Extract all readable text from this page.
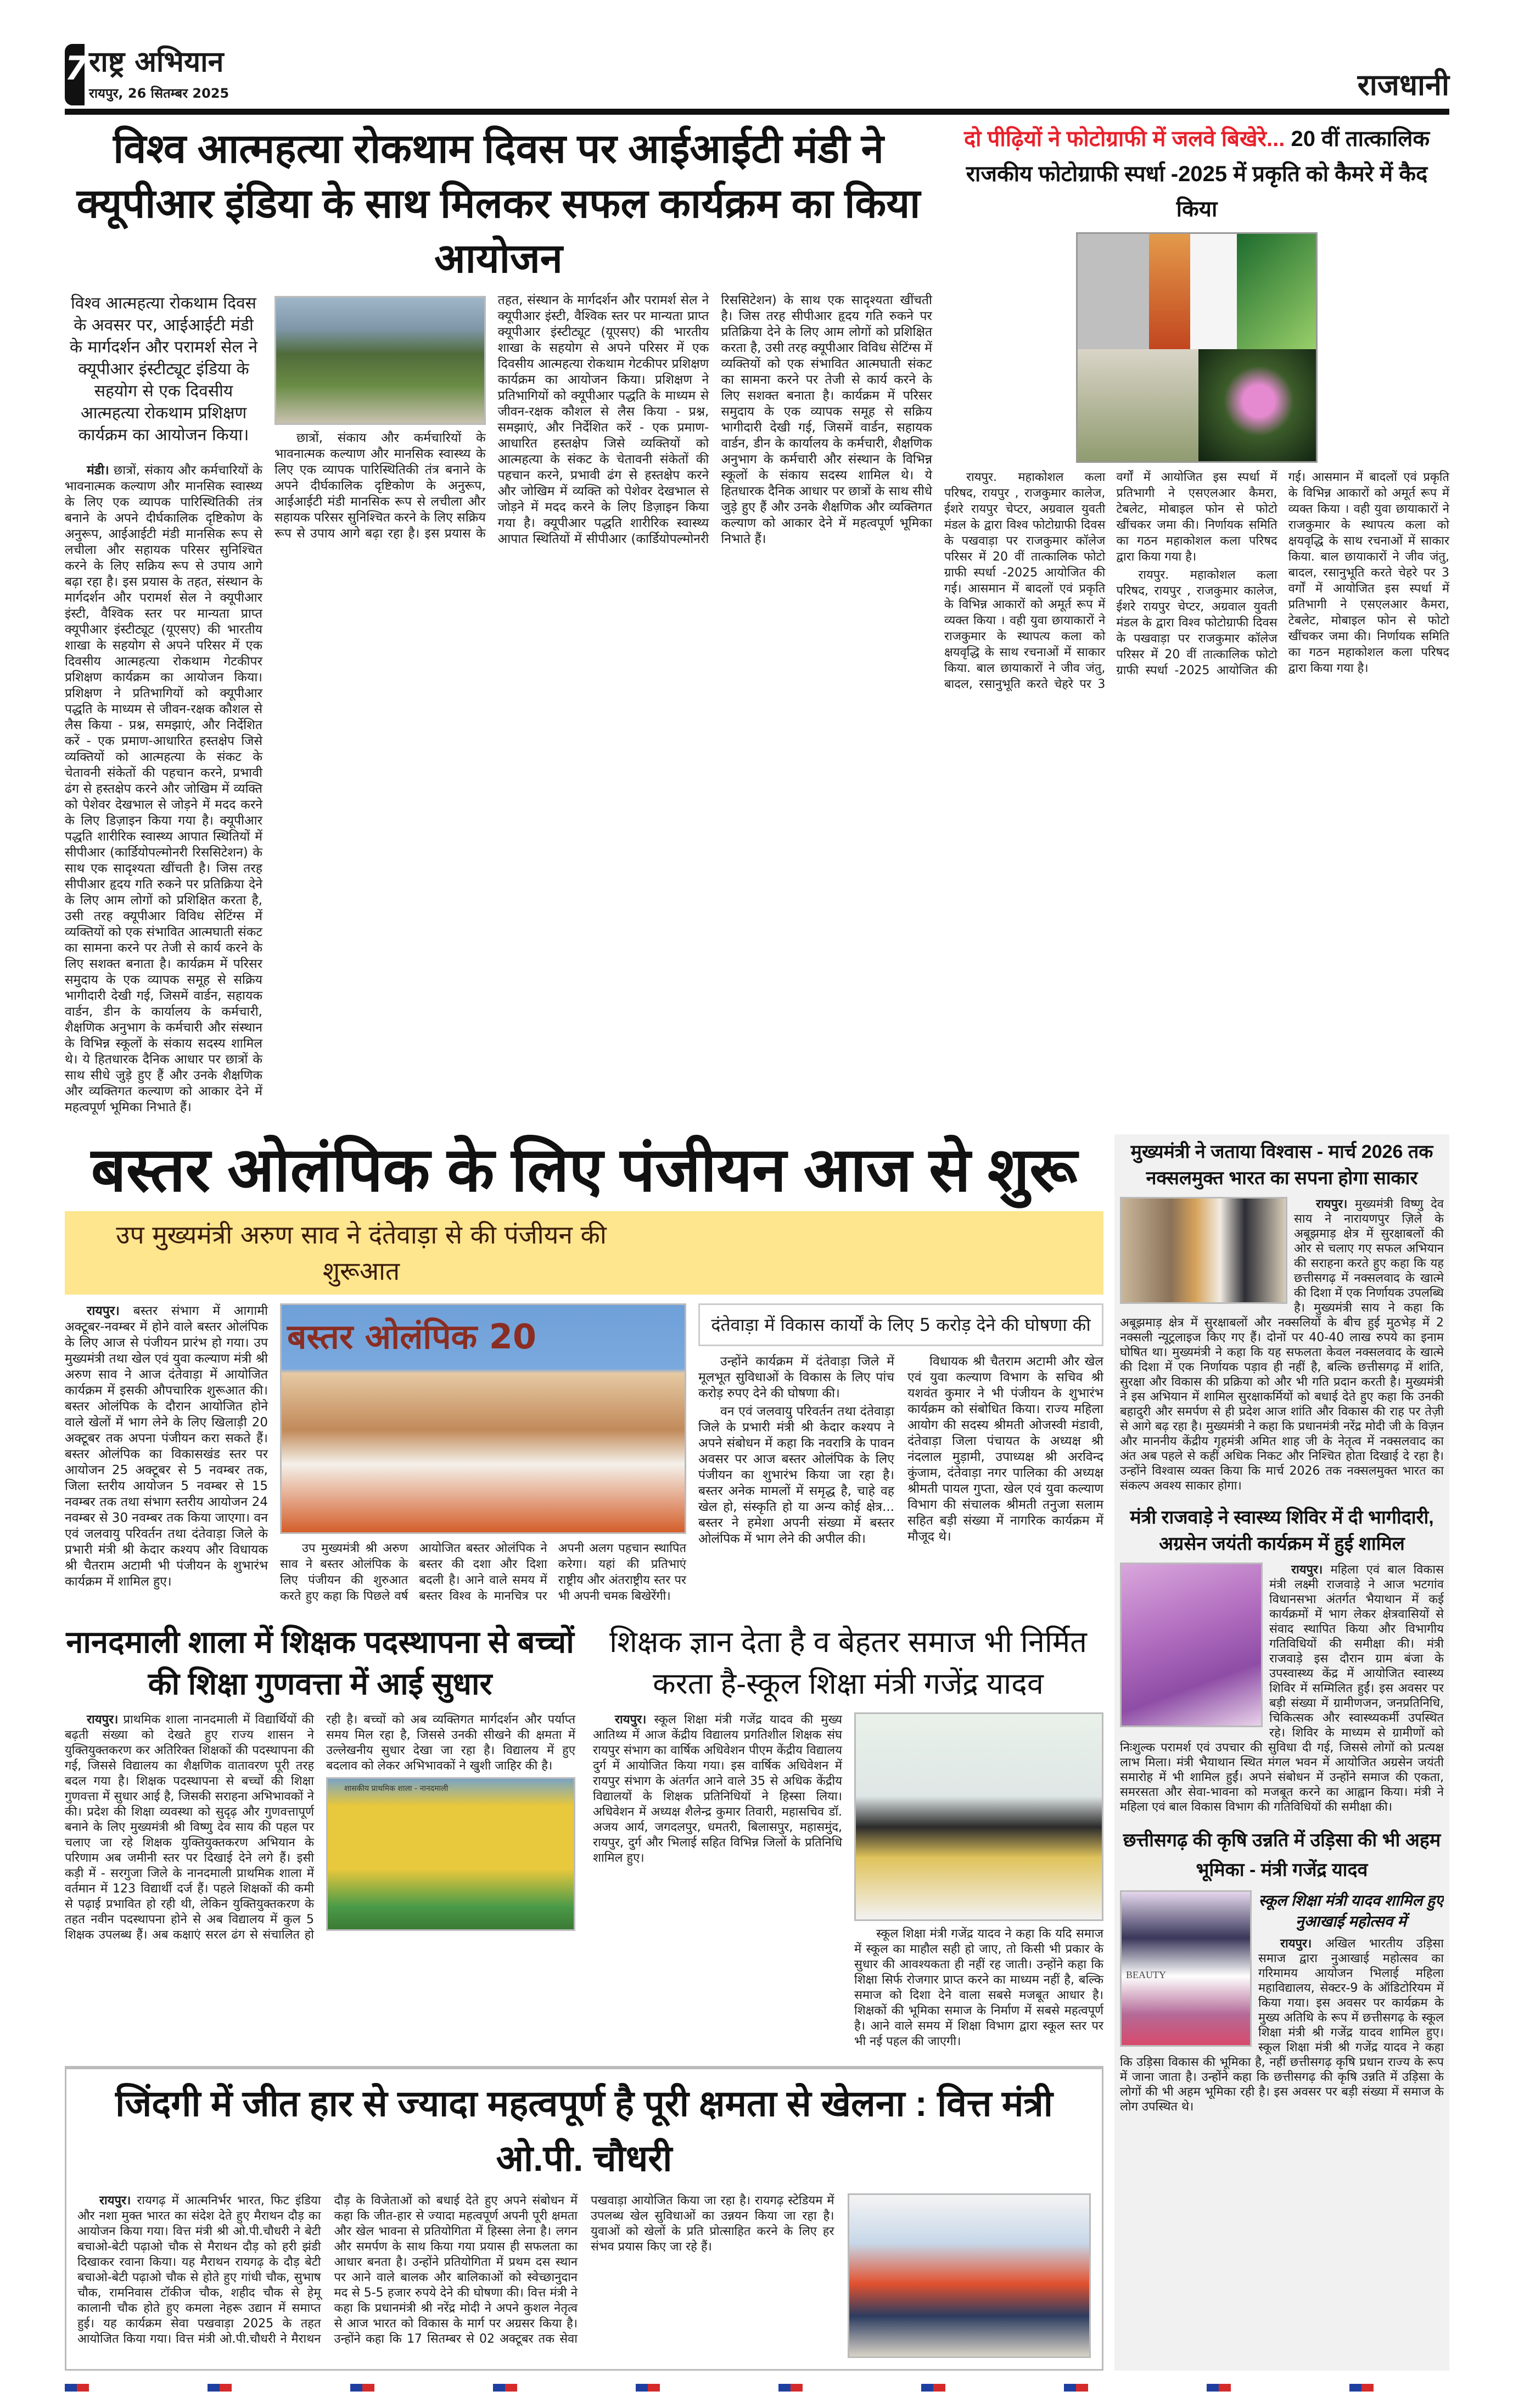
7 राष्ट्र अभियान
रायपुर, 26 सितम्बर 2025	राजधानी
विश्व आत्महत्या रोकथाम दिवस पर आईआईटी मंडी ने क्यूपीआर इंडिया के साथ मिलकर सफल कार्यक्रम का किया आयोजन
विश्व आत्महत्या रोकथाम दिवस के अवसर पर, आईआईटी मंडी के मार्गदर्शन और परामर्श सेल ने क्यूपीआर इंस्टीट्यूट इंडिया के सहयोग से एक दिवसीय आत्महत्या रोकथाम प्रशिक्षण कार्यक्रम का आयोजन किया।

मंडी। छात्रों, संकाय और कर्मचारियों के भावनात्मक कल्याण और मानसिक स्वास्थ्य के लिए एक व्यापक पारिस्थितिकी तंत्र बनाने के अपने दीर्घकालिक दृष्टिकोण के अनुरूप, आईआईटी मंडी मानसिक रूप से लचीला और सहायक परिसर सुनिश्चित करने के लिए सक्रिय रूप से उपाय आगे बढ़ा रहा है। इस प्रयास के तहत, संस्थान के मार्गदर्शन और परामर्श सेल ने क्यूपीआर इंस्टी, वैश्विक स्तर पर मान्यता प्राप्त क्यूपीआर इंस्टीट्यूट (यूएसए) की भारतीय शाखा के सहयोग से अपने परिसर में एक दिवसीय आत्महत्या रोकथाम गेटकीपर प्रशिक्षण कार्यक्रम का आयोजन किया। प्रशिक्षण ने प्रतिभागियों को क्यूपीआर पद्धति के माध्यम से जीवन-रक्षक कौशल से लैस किया - प्रश्न, समझाएं, और निर्देशित करें - एक प्रमाण-आधारित हस्तक्षेप जिसे व्यक्तियों को आत्महत्या के संकट के चेतावनी संकेतों की पहचान करने, प्रभावी ढंग से हस्तक्षेप करने और जोखिम में व्यक्ति को पेशेवर देखभाल से जोड़ने में मदद करने के लिए डिज़ाइन किया गया है। क्यूपीआर पद्धति शारीरिक स्वास्थ्य आपात स्थितियों में सीपीआर (कार्डियोपल्मोनरी रिससिटेशन) के साथ एक सादृश्यता खींचती है। जिस तरह सीपीआर हृदय गति रुकने पर प्रतिक्रिया देने के लिए आम लोगों को प्रशिक्षित करता है, उसी तरह क्यूपीआर विविध सेटिंग्स में व्यक्तियों को एक संभावित आत्मघाती संकट का सामना करने पर तेजी से कार्य करने के लिए सशक्त बनाता है। कार्यक्रम में परिसर समुदाय के एक व्यापक समूह से सक्रिय भागीदारी देखी गई, जिसमें वार्डन, सहायक वार्डन, डीन के कार्यालय के कर्मचारी, शैक्षणिक अनुभाग के कर्मचारी और संस्थान के विभिन्न स्कूलों के संकाय सदस्य शामिल थे। ये हितधारक दैनिक आधार पर छात्रों के साथ सीधे जुड़े हुए हैं और उनके शैक्षणिक और व्यक्तिगत कल्याण को आकार देने में महत्वपूर्ण भूमिका निभाते हैं।

छात्रों, संकाय और कर्मचारियों के भावनात्मक कल्याण और मानसिक स्वास्थ्य के लिए एक व्यापक पारिस्थितिकी तंत्र बनाने के अपने दीर्घकालिक दृष्टिकोण के अनुरूप, आईआईटी मंडी मानसिक रूप से लचीला और सहायक परिसर सुनिश्चित करने के लिए सक्रिय रूप से उपाय आगे बढ़ा रहा है। इस प्रयास के तहत, संस्थान के मार्गदर्शन और परामर्श सेल ने क्यूपीआर इंस्टी, वैश्विक स्तर पर मान्यता प्राप्त क्यूपीआर इंस्टीट्यूट (यूएसए) की भारतीय शाखा के सहयोग से अपने परिसर में एक दिवसीय आत्महत्या रोकथाम गेटकीपर प्रशिक्षण कार्यक्रम का आयोजन किया। प्रशिक्षण ने प्रतिभागियों को क्यूपीआर पद्धति के माध्यम से जीवन-रक्षक कौशल से लैस किया - प्रश्न, समझाएं, और निर्देशित करें - एक प्रमाण-आधारित हस्तक्षेप जिसे व्यक्तियों को आत्महत्या के संकट के चेतावनी संकेतों की पहचान करने, प्रभावी ढंग से हस्तक्षेप करने और जोखिम में व्यक्ति को पेशेवर देखभाल से जोड़ने में मदद करने के लिए डिज़ाइन किया गया है। क्यूपीआर पद्धति शारीरिक स्वास्थ्य आपात स्थितियों में सीपीआर (कार्डियोपल्मोनरी रिससिटेशन) के साथ एक सादृश्यता खींचती है। जिस तरह सीपीआर हृदय गति रुकने पर प्रतिक्रिया देने के लिए आम लोगों को प्रशिक्षित करता है, उसी तरह क्यूपीआर विविध सेटिंग्स में व्यक्तियों को एक संभावित आत्मघाती संकट का सामना करने पर तेजी से कार्य करने के लिए सशक्त बनाता है। कार्यक्रम में परिसर समुदाय के एक व्यापक समूह से सक्रिय भागीदारी देखी गई, जिसमें वार्डन, सहायक वार्डन, डीन के कार्यालय के कर्मचारी, शैक्षणिक अनुभाग के कर्मचारी और संस्थान के विभिन्न स्कूलों के संकाय सदस्य शामिल थे। ये हितधारक दैनिक आधार पर छात्रों के साथ सीधे जुड़े हुए हैं और उनके शैक्षणिक और व्यक्तिगत कल्याण को आकार देने में महत्वपूर्ण भूमिका निभाते हैं।

दो पीढ़ियों ने फोटोग्राफी में जलवे बिखेरे... 20 वीं तात्कालिक राजकीय फोटोग्राफी स्पर्धा -2025 में प्रकृति को कैमरे में कैद किया

रायपुर. महाकोशल कला परिषद, रायपुर , राजकुमार कालेज, ईशरे रायपुर चेप्टर, अग्रवाल युवती मंडल के द्वारा विश्व फोटोग्राफी दिवस के पखवाड़ा पर राजकुमार कॉलेज परिसर में 20 वीं तात्कालिक फोटो ग्राफी स्पर्धा -2025 आयोजित की गई। आसमान में बादलों एवं प्रकृति के विभिन्न आकारों को अमूर्त रूप में व्यक्त किया । वही युवा छायाकारों ने राजकुमार के स्थापत्य कला को क्षयवृद्धि के साथ रचनाओं में साकार किया. बाल छायाकारों ने जीव जंतु, बादल, रसानुभूति करते चेहरे पर 3 वर्गों में आयोजित इस स्पर्धा में प्रतिभागी ने एसएलआर कैमरा, टेबलेट, मोबाइल फोन से फोटो खींचकर जमा की। निर्णायक समिति का गठन महाकोशल कला परिषद द्वारा किया गया है।

रायपुर. महाकोशल कला परिषद, रायपुर , राजकुमार कालेज, ईशरे रायपुर चेप्टर, अग्रवाल युवती मंडल के द्वारा विश्व फोटोग्राफी दिवस के पखवाड़ा पर राजकुमार कॉलेज परिसर में 20 वीं तात्कालिक फोटो ग्राफी स्पर्धा -2025 आयोजित की गई। आसमान में बादलों एवं प्रकृति के विभिन्न आकारों को अमूर्त रूप में व्यक्त किया । वही युवा छायाकारों ने राजकुमार के स्थापत्य कला को क्षयवृद्धि के साथ रचनाओं में साकार किया. बाल छायाकारों ने जीव जंतु, बादल, रसानुभूति करते चेहरे पर 3 वर्गों में आयोजित इस स्पर्धा में प्रतिभागी ने एसएलआर कैमरा, टेबलेट, मोबाइल फोन से फोटो खींचकर जमा की। निर्णायक समिति का गठन महाकोशल कला परिषद द्वारा किया गया है।

बस्तर ओलंपिक के लिए पंजीयन आज से शुरू
उप मुख्यमंत्री अरुण साव ने दंतेवाड़ा से की पंजीयन की शुरूआत

रायपुर। बस्तर संभाग में आगामी अक्टूबर-नवम्बर में होने वाले बस्तर ओलंपिक के लिए आज से पंजीयन प्रारंभ हो गया। उप मुख्यमंत्री तथा खेल एवं युवा कल्याण मंत्री श्री अरुण साव ने आज दंतेवाड़ा में आयोजित कार्यक्रम में इसकी औपचारिक शुरूआत की। बस्तर ओलंपिक के दौरान आयोजित होने वाले खेलों में भाग लेने के लिए खिलाड़ी 20 अक्टूबर तक अपना पंजीयन करा सकते हैं। बस्तर ओलंपिक का विकासखंड स्तर पर आयोजन 25 अक्टूबर से 5 नवम्बर तक, जिला स्तरीय आयोजन 5 नवम्बर से 15 नवम्बर तक तथा संभाग स्तरीय आयोजन 24 नवम्बर से 30 नवम्बर तक किया जाएगा। वन एवं जलवायु परिवर्तन तथा दंतेवाड़ा जिले के प्रभारी मंत्री श्री केदार कश्यप और विधायक श्री चैतराम अटामी भी पंजीयन के शुभारंभ कार्यक्रम में शामिल हुए।

बस्तर ओलंपिक 20

उप मुख्यमंत्री श्री अरुण साव ने बस्तर ओलंपिक के लिए पंजीयन की शुरुआत करते हुए कहा कि पिछले वर्ष आयोजित बस्तर ओलंपिक ने बस्तर की दशा और दिशा बदली है। आने वाले समय में बस्तर विश्व के मानचित्र पर अपनी अलग पहचान स्थापित करेगा। यहां की प्रतिभाएं राष्ट्रीय और अंतराष्ट्रीय स्तर पर भी अपनी चमक बिखेरेंगी।

दंतेवाड़ा में विकास कार्यों के लिए 5 करोड़ देने की घोषणा की

उन्होंने कार्यक्रम में दंतेवाड़ा जिले में मूलभूत सुविधाओं के विकास के लिए पांच करोड़ रुपए देने की घोषणा की।

वन एवं जलवायु परिवर्तन तथा दंतेवाड़ा जिले के प्रभारी मंत्री श्री केदार कश्यप ने अपने संबोधन में कहा कि नवरात्रि के पावन अवसर पर आज बस्तर ओलंपिक के लिए पंजीयन का शुभारंभ किया जा रहा है। बस्तर अनेक मामलों में समृद्ध है, चाहे वह खेल हो, संस्कृति हो या अन्य कोई क्षेत्र... बस्तर ने हमेशा अपनी संख्या में बस्तर ओलंपिक में भाग लेने की अपील की।

विधायक श्री चैतराम अटामी और खेल एवं युवा कल्याण विभाग के सचिव श्री यशवंत कुमार ने भी पंजीयन के शुभारंभ कार्यक्रम को संबोधित किया। राज्य महिला आयोग की सदस्य श्रीमती ओजस्वी मंडावी, दंतेवाड़ा जिला पंचायत के अध्यक्ष श्री नंदलाल मुड़ामी, उपाध्यक्ष श्री अरविन्द कुंजाम, दंतेवाड़ा नगर पालिका की अध्यक्ष श्रीमती पायल गुप्ता, खेल एवं युवा कल्याण विभाग की संचालक श्रीमती तनुजा सलाम सहित बड़ी संख्या में नागरिक कार्यक्रम में मौजूद थे।

नानदमाली शाला में शिक्षक पदस्थापना से बच्चों की शिक्षा गुणवत्ता में आई सुधार

रायपुर। प्राथमिक शाला नानदमाली में विद्यार्थियों की बढ़ती संख्या को देखते हुए राज्य शासन ने युक्तियुक्तकरण कर अतिरिक्त शिक्षकों की पदस्थापना की गई, जिससे विद्यालय का शैक्षणिक वातावरण पूरी तरह बदल गया है। शिक्षक पदस्थापना से बच्चों की शिक्षा गुणवत्ता में सुधार आई है, जिसकी सराहना अभिभावकों ने की। प्रदेश की शिक्षा व्यवस्था को सुदृढ़ और गुणवत्तापूर्ण बनाने के लिए मुख्यमंत्री श्री विष्णु देव साय की पहल पर चलाए जा रहे शिक्षक युक्तियुक्तकरण अभियान के परिणाम अब जमीनी स्तर पर दिखाई देने लगे हैं। इसी कड़ी में - सरगुजा जिले के नानदमाली प्राथमिक शाला में वर्तमान में 123 विद्यार्थी दर्ज हैं। पहले शिक्षकों की कमी से पढ़ाई प्रभावित हो रही थी, लेकिन युक्तियुक्तकरण के तहत नवीन पदस्थापना होने से अब विद्यालय में कुल 5 शिक्षक उपलब्ध हैं। अब कक्षाएं सरल ढंग से संचालित हो रही है। बच्चों को अब व्यक्तिगत मार्गदर्शन और पर्याप्त समय मिल रहा है, जिससे उनकी सीखने की क्षमता में उल्लेखनीय सुधार देखा जा रहा है। विद्यालय में हुए बदलाव को लेकर अभिभावकों ने खुशी जाहिर की है।

शासकीय प्राथमिक शाला - नानदमाली
शिक्षक ज्ञान देता है व बेहतर समाज भी निर्मित करता है-स्कूल शिक्षा मंत्री गजेंद्र यादव

रायपुर। स्कूल शिक्षा मंत्री गजेंद्र यादव की मुख्य आतिथ्य में आज केंद्रीय विद्यालय प्रगतिशील शिक्षक संघ रायपुर संभाग का वार्षिक अधिवेशन पीएम केंद्रीय विद्यालय दुर्ग में आयोजित किया गया। इस वार्षिक अधिवेशन में रायपुर संभाग के अंतर्गत आने वाले 35 से अधिक केंद्रीय विद्यालयों के शिक्षक प्रतिनिधियों ने हिस्सा लिया। अधिवेशन में अध्यक्ष शैलेन्द्र कुमार तिवारी, महासचिव डॉ. अजय आर्य, जगदलपुर, धमतरी, बिलासपुर, महासमुंद, रायपुर, दुर्ग और भिलाई सहित विभिन्न जिलों के प्रतिनिधि शामिल हुए।

स्कूल शिक्षा मंत्री गजेंद्र यादव ने कहा कि यदि समाज में स्कूल का माहौल सही हो जाए, तो किसी भी प्रकार के सुधार की आवश्यकता ही नहीं रह जाती। उन्होंने कहा कि शिक्षा सिर्फ रोजगार प्राप्त करने का माध्यम नहीं है, बल्कि समाज को दिशा देने वाला सबसे मजबूत आधार है। शिक्षकों की भूमिका समाज के निर्माण में सबसे महत्वपूर्ण है। आने वाले समय में शिक्षा विभाग द्वारा स्कूल स्तर पर भी नई पहल की जाएगी।

जिंदगी में जीत हार से ज्यादा महत्वपूर्ण है पूरी क्षमता से खेलना : वित्त मंत्री ओ.पी. चौधरी

रायपुर। रायगढ़ में आत्मनिर्भर भारत, फिट इंडिया और नशा मुक्त भारत का संदेश देते हुए मैराथन दौड़ का आयोजन किया गया। वित्त मंत्री श्री ओ.पी.चौधरी ने बेटी बचाओ-बेटी पढ़ाओ चौक से मैराथन दौड़ को हरी झंडी दिखाकर रवाना किया। यह मैराथन रायगढ़ के दौड़ बेटी बचाओ-बेटी पढ़ाओ चौक से होते हुए गांधी चौक, सुभाष चौक, रामनिवास टॉकीज चौक, शहीद चौक से हेमू कालानी चौक होते हुए कमला नेहरू उद्यान में समाप्त हुई। यह कार्यक्रम सेवा पखवाड़ा 2025 के तहत आयोजित किया गया। वित्त मंत्री ओ.पी.चौधरी ने मैराथन दौड़ के विजेताओं को बधाई देते हुए अपने संबोधन में कहा कि जीत-हार से ज्यादा महत्वपूर्ण अपनी पूरी क्षमता और खेल भावना से प्रतियोगिता में हिस्सा लेना है। लगन और समर्पण के साथ किया गया प्रयास ही सफलता का आधार बनता है। उन्होंने प्रतियोगिता में प्रथम दस स्थान पर आने वाले बालक और बालिकाओं को स्वेच्छानुदान मद से 5-5 हजार रुपये देने की घोषणा की। वित्त मंत्री ने कहा कि प्रधानमंत्री श्री नरेंद्र मोदी ने अपने कुशल नेतृत्व से आज भारत को विकास के मार्ग पर अग्रसर किया है। उन्होंने कहा कि 17 सितम्बर से 02 अक्टूबर तक सेवा पखवाड़ा आयोजित किया जा रहा है। रायगढ़ स्टेडियम में उपलब्ध खेल सुविधाओं का उन्नयन किया जा रहा है। युवाओं को खेलों के प्रति प्रोत्साहित करने के लिए हर संभव प्रयास किए जा रहे हैं।

मुख्यमंत्री ने जताया विश्वास - मार्च 2026 तक नक्सलमुक्त भारत का सपना होगा साकार

रायपुर। मुख्यमंत्री विष्णु देव साय ने नारायणपुर ज़िले के अबूझमाड़ क्षेत्र में सुरक्षाबलों की ओर से चलाए गए सफल अभियान की सराहना करते हुए कहा कि यह छत्तीसगढ़ में नक्सलवाद के खात्मे की दिशा में एक निर्णायक उपलब्धि है। मुख्यमंत्री साय ने कहा कि अबूझमाड़ क्षेत्र में सुरक्षाबलों और नक्सलियों के बीच हुई मुठभेड़ में 2 नक्सली न्यूट्रलाइज किए गए हैं। दोनों पर 40-40 लाख रुपये का इनाम घोषित था। मुख्यमंत्री ने कहा कि यह सफलता केवल नक्सलवाद के खात्मे की दिशा में एक निर्णायक पड़ाव ही नहीं है, बल्कि छत्तीसगढ़ में शांति, सुरक्षा और विकास की प्रक्रिया को और भी गति प्रदान करती है। मुख्यमंत्री ने इस अभियान में शामिल सुरक्षाकर्मियों को बधाई देते हुए कहा कि उनकी बहादुरी और समर्पण से ही प्रदेश आज शांति और विकास की राह पर तेज़ी से आगे बढ़ रहा है। मुख्यमंत्री ने कहा कि प्रधानमंत्री नरेंद्र मोदी जी के विज़न और माननीय केंद्रीय गृहमंत्री अमित शाह जी के नेतृत्व में नक्सलवाद का अंत अब पहले से कहीं अधिक निकट और निश्चित होता दिखाई दे रहा है। उन्होंने विश्वास व्यक्त किया कि मार्च 2026 तक नक्सलमुक्त भारत का संकल्प अवश्य साकार होगा।

मंत्री राजवाड़े ने स्वास्थ्य शिविर में दी भागीदारी, अग्रसेन जयंती कार्यक्रम में हुई शामिल

रायपुर। महिला एवं बाल विकास मंत्री लक्ष्मी राजवाड़े ने आज भटगांव विधानसभा अंतर्गत भैयाथान में कई कार्यक्रमों में भाग लेकर क्षेत्रवासियों से संवाद स्थापित किया और विभागीय गतिविधियों की समीक्षा की। मंत्री राजवाड़े इस दौरान ग्राम बंजा के उपस्वास्थ्य केंद्र में आयोजित स्वास्थ्य शिविर में सम्मिलित हुईं। इस अवसर पर बड़ी संख्या में ग्रामीणजन, जनप्रतिनिधि, चिकित्सक और स्वास्थ्यकर्मी उपस्थित रहे। शिविर के माध्यम से ग्रामीणों को निःशुल्क परामर्श एवं उपचार की सुविधा दी गई, जिससे लोगों को प्रत्यक्ष लाभ मिला। मंत्री भैयाथान स्थित मंगल भवन में आयोजित अग्रसेन जयंती समारोह में भी शामिल हुईं। अपने संबोधन में उन्होंने समाज की एकता, समरसता और सेवा-भावना को मजबूत करने का आह्वान किया। मंत्री ने महिला एवं बाल विकास विभाग की गतिविधियों की समीक्षा की।

छत्तीसगढ़ की कृषि उन्नति में उड़िसा की भी अहम भूमिका - मंत्री गजेंद्र यादव
BEAUTY
स्कूल शिक्षा मंत्री यादव शामिल हुए नुआखाई महोत्सव में

रायपुर। अखिल भारतीय उड़िसा समाज द्वारा नुआखाई महोत्सव का गरिमामय आयोजन भिलाई महिला महाविद्यालय, सेक्टर-9 के ऑडिटोरियम में किया गया। इस अवसर पर कार्यक्रम के मुख्य अतिथि के रूप में छत्तीसगढ़ के स्कूल शिक्षा मंत्री श्री गजेंद्र यादव शामिल हुए। स्कूल शिक्षा मंत्री श्री गजेंद्र यादव ने कहा कि उड़िसा विकास की भूमिका है, नहीं छत्तीसगढ़ कृषि प्रधान राज्य के रूप में जाना जाता है। उन्होंने कहा कि छत्तीसगढ़ की कृषि उन्नति में उड़िसा के लोगों की भी अहम भूमिका रही है। इस अवसर पर बड़ी संख्या में समाज के लोग उपस्थित थे।
